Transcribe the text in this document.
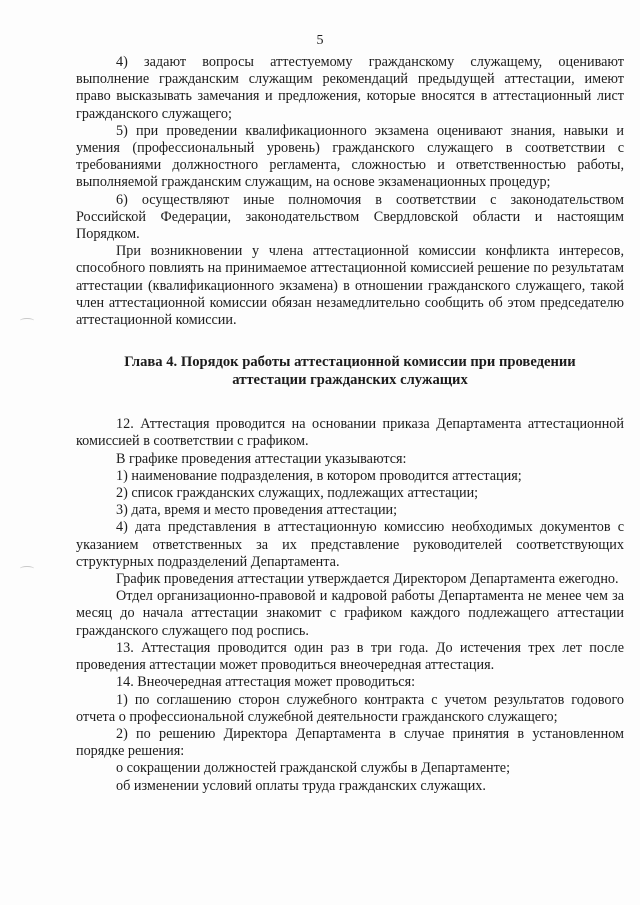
5

4) задают вопросы аттестуемому гражданскому служащему, оценивают выполнение гражданским служащим рекомендаций предыдущей аттестации, имеют право высказывать замечания и предложения, которые вносятся в аттестационный лист гражданского служащего;

5) при проведении квалификационного экзамена оценивают знания, навыки и умения (профессиональный уровень) гражданского служащего в соответствии с требованиями должностного регламента, сложностью и ответственностью работы, выполняемой гражданским служащим, на основе экзаменационных процедур;

6) осуществляют иные полномочия в соответствии с законодательством Российской Федерации, законодательством Свердловской области и настоящим Порядком.

При возникновении у члена аттестационной комиссии конфликта интересов, способного повлиять на принимаемое аттестационной комиссией решение по результатам аттестации (квалификационного экзамена) в отношении гражданского служащего, такой член аттестационной комиссии обязан незамедлительно сообщить об этом председателю аттестационной комиссии.

Глава 4. Порядок работы аттестационной комиссии при проведении
аттестации гражданских служащих

12. Аттестация проводится на основании приказа Департамента аттестационной комиссией в соответствии с графиком.

В графике проведения аттестации указываются:

1) наименование подразделения, в котором проводится аттестация;

2) список гражданских служащих, подлежащих аттестации;

3) дата, время и место проведения аттестации;

4) дата представления в аттестационную комиссию необходимых документов с указанием ответственных за их представление руководителей соответствующих структурных подразделений Департамента.

График проведения аттестации утверждается Директором Департамента ежегодно.

Отдел организационно-правовой и кадровой работы Департамента не менее чем за месяц до начала аттестации знакомит с графиком каждого подлежащего аттестации гражданского служащего под роспись.

13. Аттестация проводится один раз в три года. До истечения трех лет после проведения аттестации может проводиться внеочередная аттестация.

14. Внеочередная аттестация может проводиться:

1) по соглашению сторон служебного контракта с учетом результатов годового отчета о профессиональной служебной деятельности гражданского служащего;

2) по решению Директора Департамента в случае принятия в установленном порядке решения:

о сокращении должностей гражданской службы в Департаменте;

об изменении условий оплаты труда гражданских служащих.
